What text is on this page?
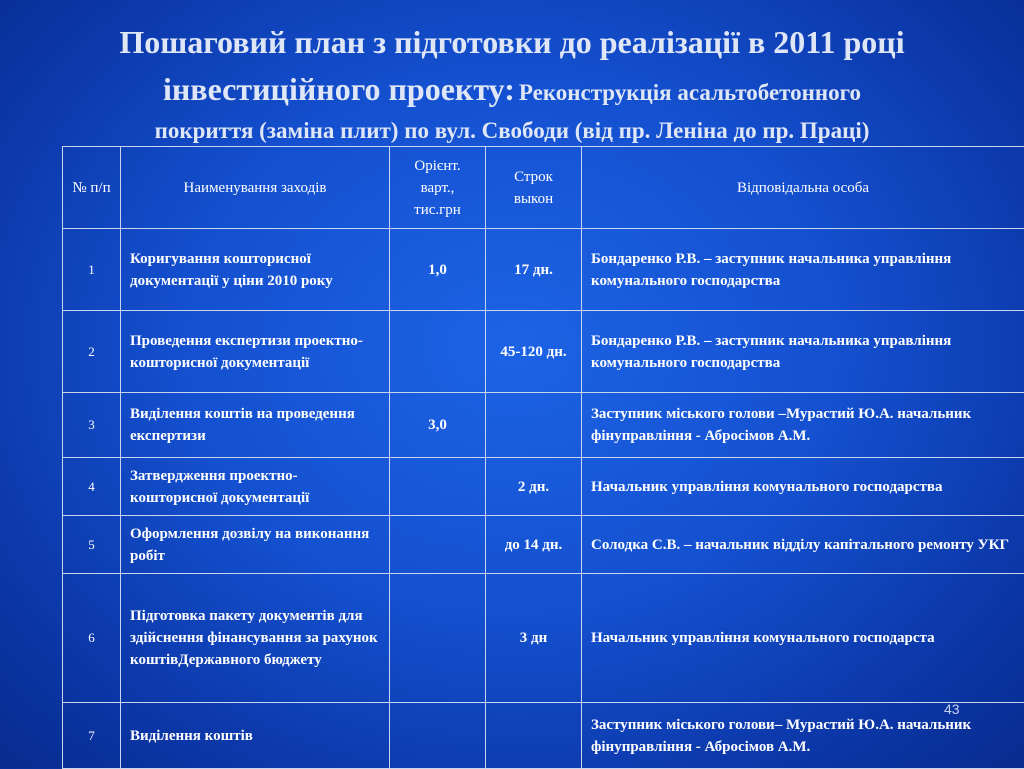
Пошаговий план з підготовки до реалізації в 2011 році
інвестиційного проекту: Реконструкція асальтобетонного
покриття (заміна плит) по вул. Свободи (від пр. Леніна до пр. Праці)
№ п/п	Наименування заходів	Орієнт. варт., тис.грн	Строк выкон	Відповідальна особа
1	Коригування кошторисної документації у ціни 2010 року	1,0	17 дн.	Бондаренко Р.В. – заступник начальника управління комунального господарства
2	Проведення експертизи проектно- кошторисної документації		45-120 дн.	Бондаренко Р.В. – заступник начальника управління комунального господарства
3	Виділення коштів на проведення експертизи	3,0		Заступник міського голови –Мурастий Ю.А. начальник фінуправління - Абросімов А.М.
4	Затвердження проектно- кошторисної документації		2 дн.	Начальник управління комунального господарства
5	Оформлення дозвілу на виконання робіт		до 14 дн.	Солодка С.В. – начальник відділу капітального ремонту УКГ
6	Підготовка пакету документів для здійснення фінансування за рахунок коштівДержавного бюджету		3 дн	Начальник управління комунального господарста
7	Виділення коштів			Заступник міського голови– Мурастий Ю.А. начальник фінуправління - Абросімов А.М.
43
